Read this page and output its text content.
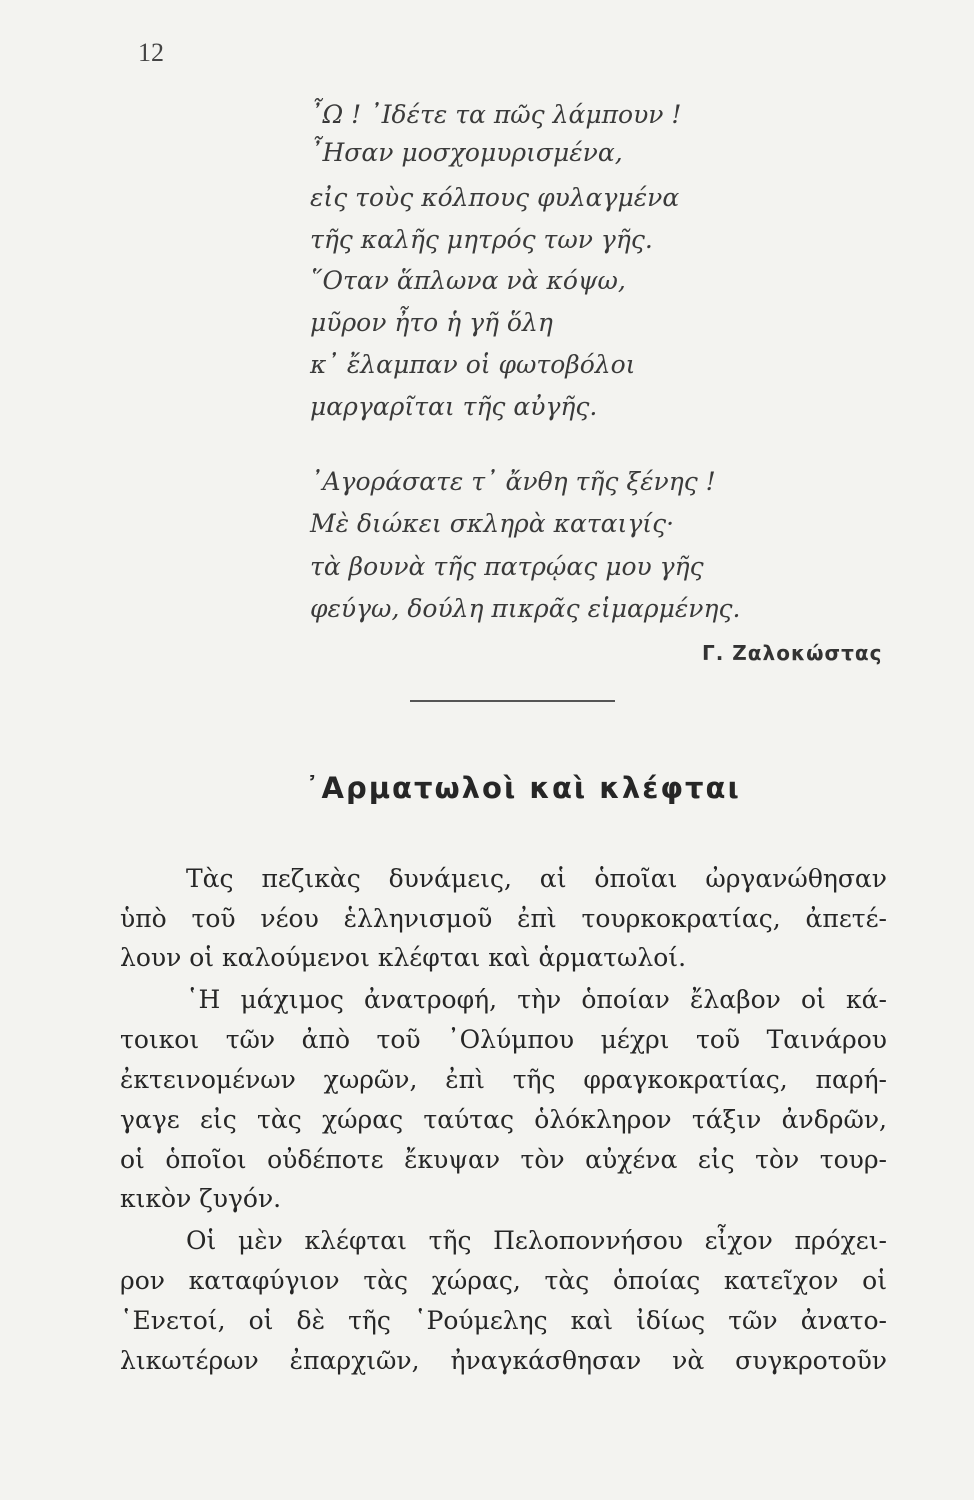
12
῏Ω ! ᾿Ιδέτε τα πῶς λάμπουν !
῏Ησαν μοσχομυρισμένα,
εἰς τοὺς κόλπους φυλαγμένα
τῆς καλῆς μητρός των γῆς.
῞Οταν ἅπλωνα νὰ κόψω,
μῦρον ἦτο ἡ γῆ ὅλη
κ᾿ ἔλαμπαν οἱ φωτοβόλοι
μαργαρῖται τῆς αὐγῆς.
᾿Αγοράσατε τ᾿ ἄνθη τῆς ξένης !
Μὲ διώκει σκληρὰ καταιγίς·
τὰ βουνὰ τῆς πατρῴας μου γῆς
φεύγω, δούλη πικρᾶς εἱμαρμένης.
Γ. Ζαλοκώστας
᾿Αρματωλοὶ καὶ κλέφται
Τὰς πεζικὰς δυνάμεις, αἱ ὁποῖαι ὠργανώθησαν
ὑπὸ τοῦ νέου ἑλληνισμοῦ ἐπὶ τουρκοκρατίας, ἀπετέ-
λουν οἱ καλούμενοι κλέφται καὶ ἁρματωλοί.
῾Η μάχιμος ἀνατροφή, τὴν ὁποίαν ἔλαβον οἱ κά-
τοικοι τῶν ἀπὸ τοῦ ᾿Ολύμπου μέχρι τοῦ Ταινάρου
ἐκτεινομένων χωρῶν, ἐπὶ τῆς φραγκοκρατίας, παρή-
γαγε εἰς τὰς χώρας ταύτας ὁλόκληρον τάξιν ἀνδρῶν,
οἱ ὁποῖοι οὐδέποτε ἔκυψαν τὸν αὐχένα εἰς τὸν τουρ-
κικὸν ζυγόν.
Οἱ μὲν κλέφται τῆς Πελοποννήσου εἶχον πρόχει-
ρον καταφύγιον τὰς χώρας, τὰς ὁποίας κατεῖχον οἱ
῾Ενετοί, οἱ δὲ τῆς ῾Ρούμελης καὶ ἰδίως τῶν ἀνατο-
λικωτέρων ἐπαρχιῶν, ἠναγκάσθησαν νὰ συγκροτοῦν
